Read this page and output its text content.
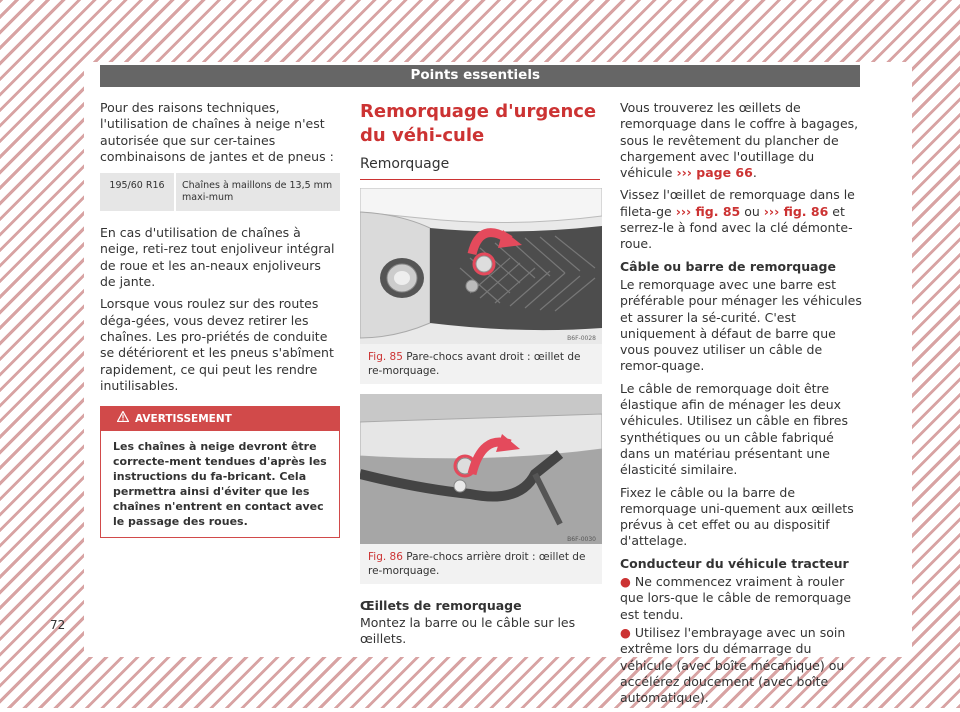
Points essentiels

Pour des raisons techniques, l'utilisation de chaînes à neige n'est autorisée que sur cer-taines combinaisons de jantes et de pneus :

195/60 R16	Chaînes à maillons de 13,5 mm maxi-mum

En cas d'utilisation de chaînes à neige, reti-rez tout enjoliveur intégral de roue et les an-neaux enjoliveurs de jante.

Lorsque vous roulez sur des routes déga-gées, vous devez retirer les chaînes. Les pro-priétés de conduite se détériorent et les pneus s'abîment rapidement, ce qui peut les rendre inutilisables.

AVERTISSEMENT
Les chaînes à neige devront être correcte-ment tendues d'après les instructions du fa-bricant. Cela permettra ainsi d'éviter que les chaînes n'entrent en contact avec le passage des roues.
Remorquage d'urgence du véhi-cule
Remorquage
B6F-0028
Fig. 85 Pare-chocs avant droit : œillet de re-morquage.
B6F-0030
Fig. 86 Pare-chocs arrière droit : œillet de re-morquage.

Œillets de remorquage

Montez la barre ou le câble sur les œillets.

Vous trouverez les œillets de remorquage dans le coffre à bagages, sous le revêtement du plancher de chargement avec l'outillage du véhicule ››› page 66.

Vissez l'œillet de remorquage dans le fileta-ge ››› fig. 85 ou ››› fig. 86 et serrez-le à fond avec la clé démonte-roue.

Câble ou barre de remorquage

Le remorquage avec une barre est préférable pour ménager les véhicules et assurer la sé-curité. C'est uniquement à défaut de barre que vous pouvez utiliser un câble de remor-quage.

Le câble de remorquage doit être élastique afin de ménager les deux véhicules. Utilisez un câble en fibres synthétiques ou un câble fabriqué dans un matériau présentant une élasticité similaire.

Fixez le câble ou la barre de remorquage uni-quement aux œillets prévus à cet effet ou au dispositif d'attelage.

Conducteur du véhicule tracteur

● Ne commencez vraiment à rouler que lors-que le câble de remorquage est tendu.

● Utilisez l'embrayage avec un soin extrême lors du démarrage du véhicule (avec boîte mécanique) ou accélérez doucement (avec boîte automatique).

72
